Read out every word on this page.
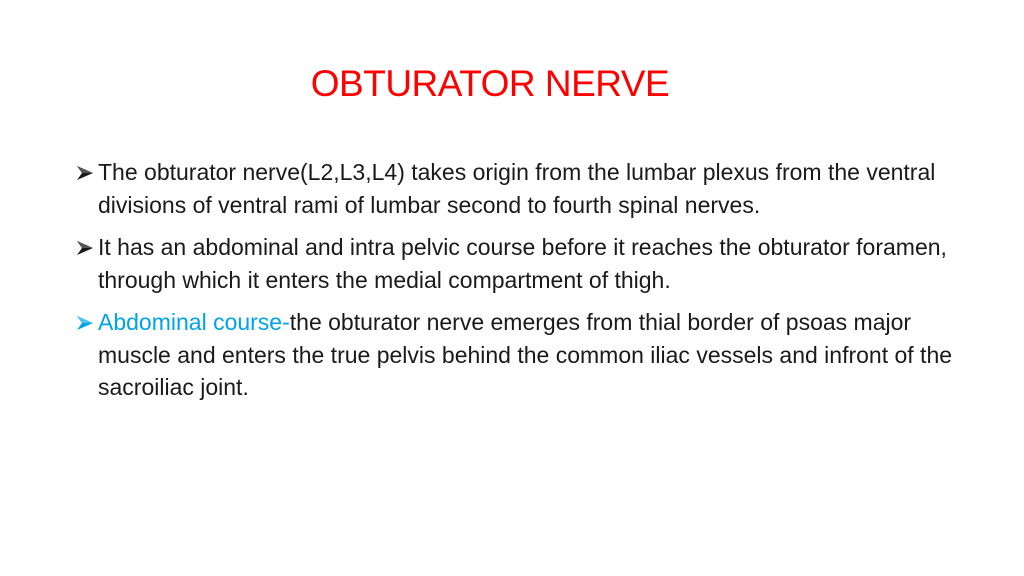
OBTURATOR NERVE
The obturator nerve(L2,L3,L4) takes origin from the lumbar plexus from the ventral divisions of ventral rami of lumbar second to fourth spinal nerves.
It has an abdominal and intra pelvic course before it reaches the obturator foramen, through which it enters the medial compartment of thigh.
Abdominal course-the obturator nerve emerges from thial border of psoas major muscle and enters the true pelvis behind the common iliac vessels and infront of the sacroiliac joint.
